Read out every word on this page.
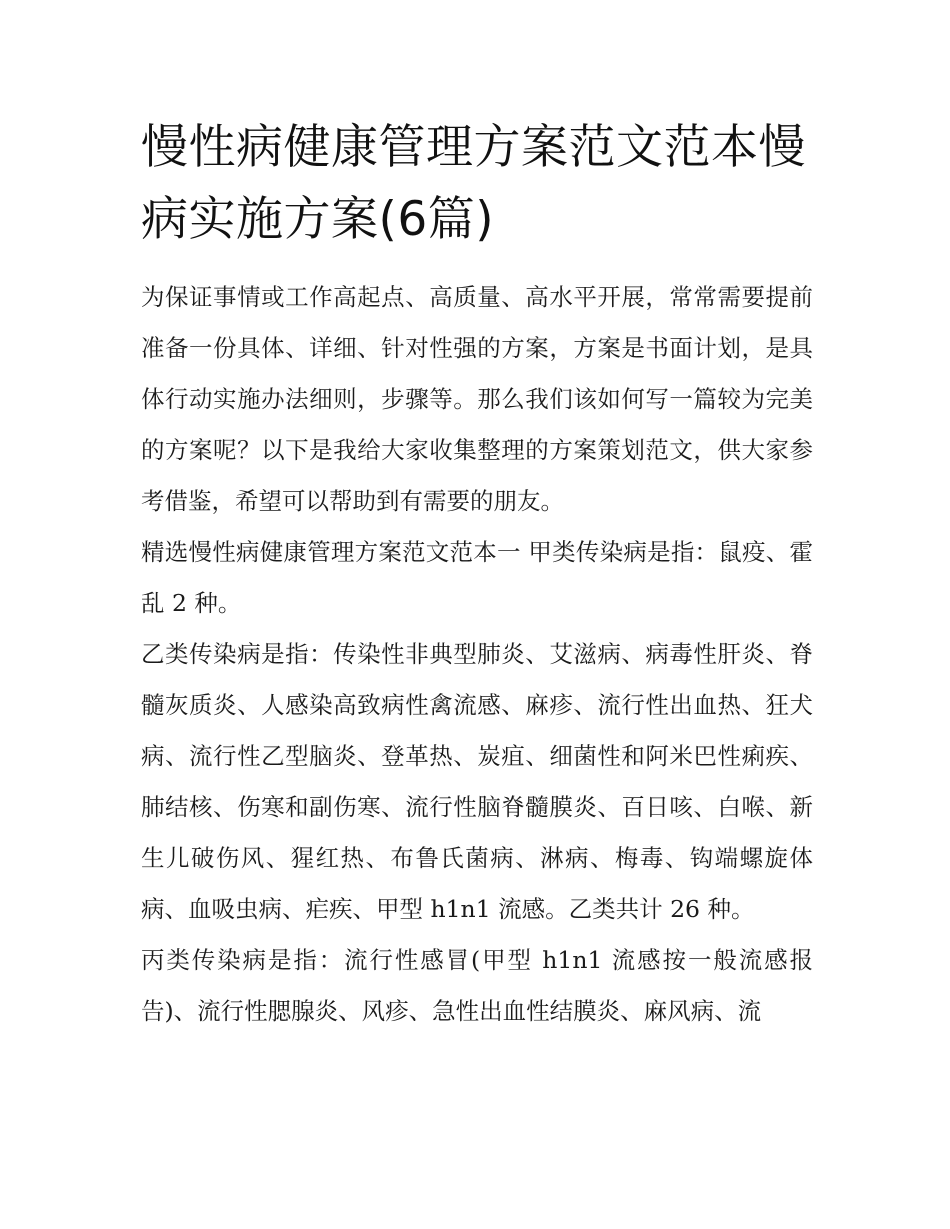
慢性病健康管理方案范文范本慢病实施方案(6篇)

为保证事情或工作高起点、高质量、高水平开展，常常需要提前准备一份具体、详细、针对性强的方案，方案是书面计划，是具体行动实施办法细则，步骤等。那么我们该如何写一篇较为完美的方案呢？以下是我给大家收集整理的方案策划范文，供大家参考借鉴，希望可以帮助到有需要的朋友。

精选慢性病健康管理方案范文范本一 甲类传染病是指：鼠疫、霍乱 2 种。

乙类传染病是指：传染性非典型肺炎、艾滋病、病毒性肝炎、脊髓灰质炎、人感染高致病性禽流感、麻疹、流行性出血热、狂犬病、流行性乙型脑炎、登革热、炭疽、细菌性和阿米巴性痢疾、肺结核、伤寒和副伤寒、流行性脑脊髓膜炎、百日咳、白喉、新生儿破伤风、猩红热、布鲁氏菌病、淋病、梅毒、钩端螺旋体病、血吸虫病、疟疾、甲型 h1n1 流感。乙类共计 26 种。

丙类传染病是指：流行性感冒(甲型 h1n1 流感按一般流感报告)、流行性腮腺炎、风疹、急性出血性结膜炎、麻风病、流
